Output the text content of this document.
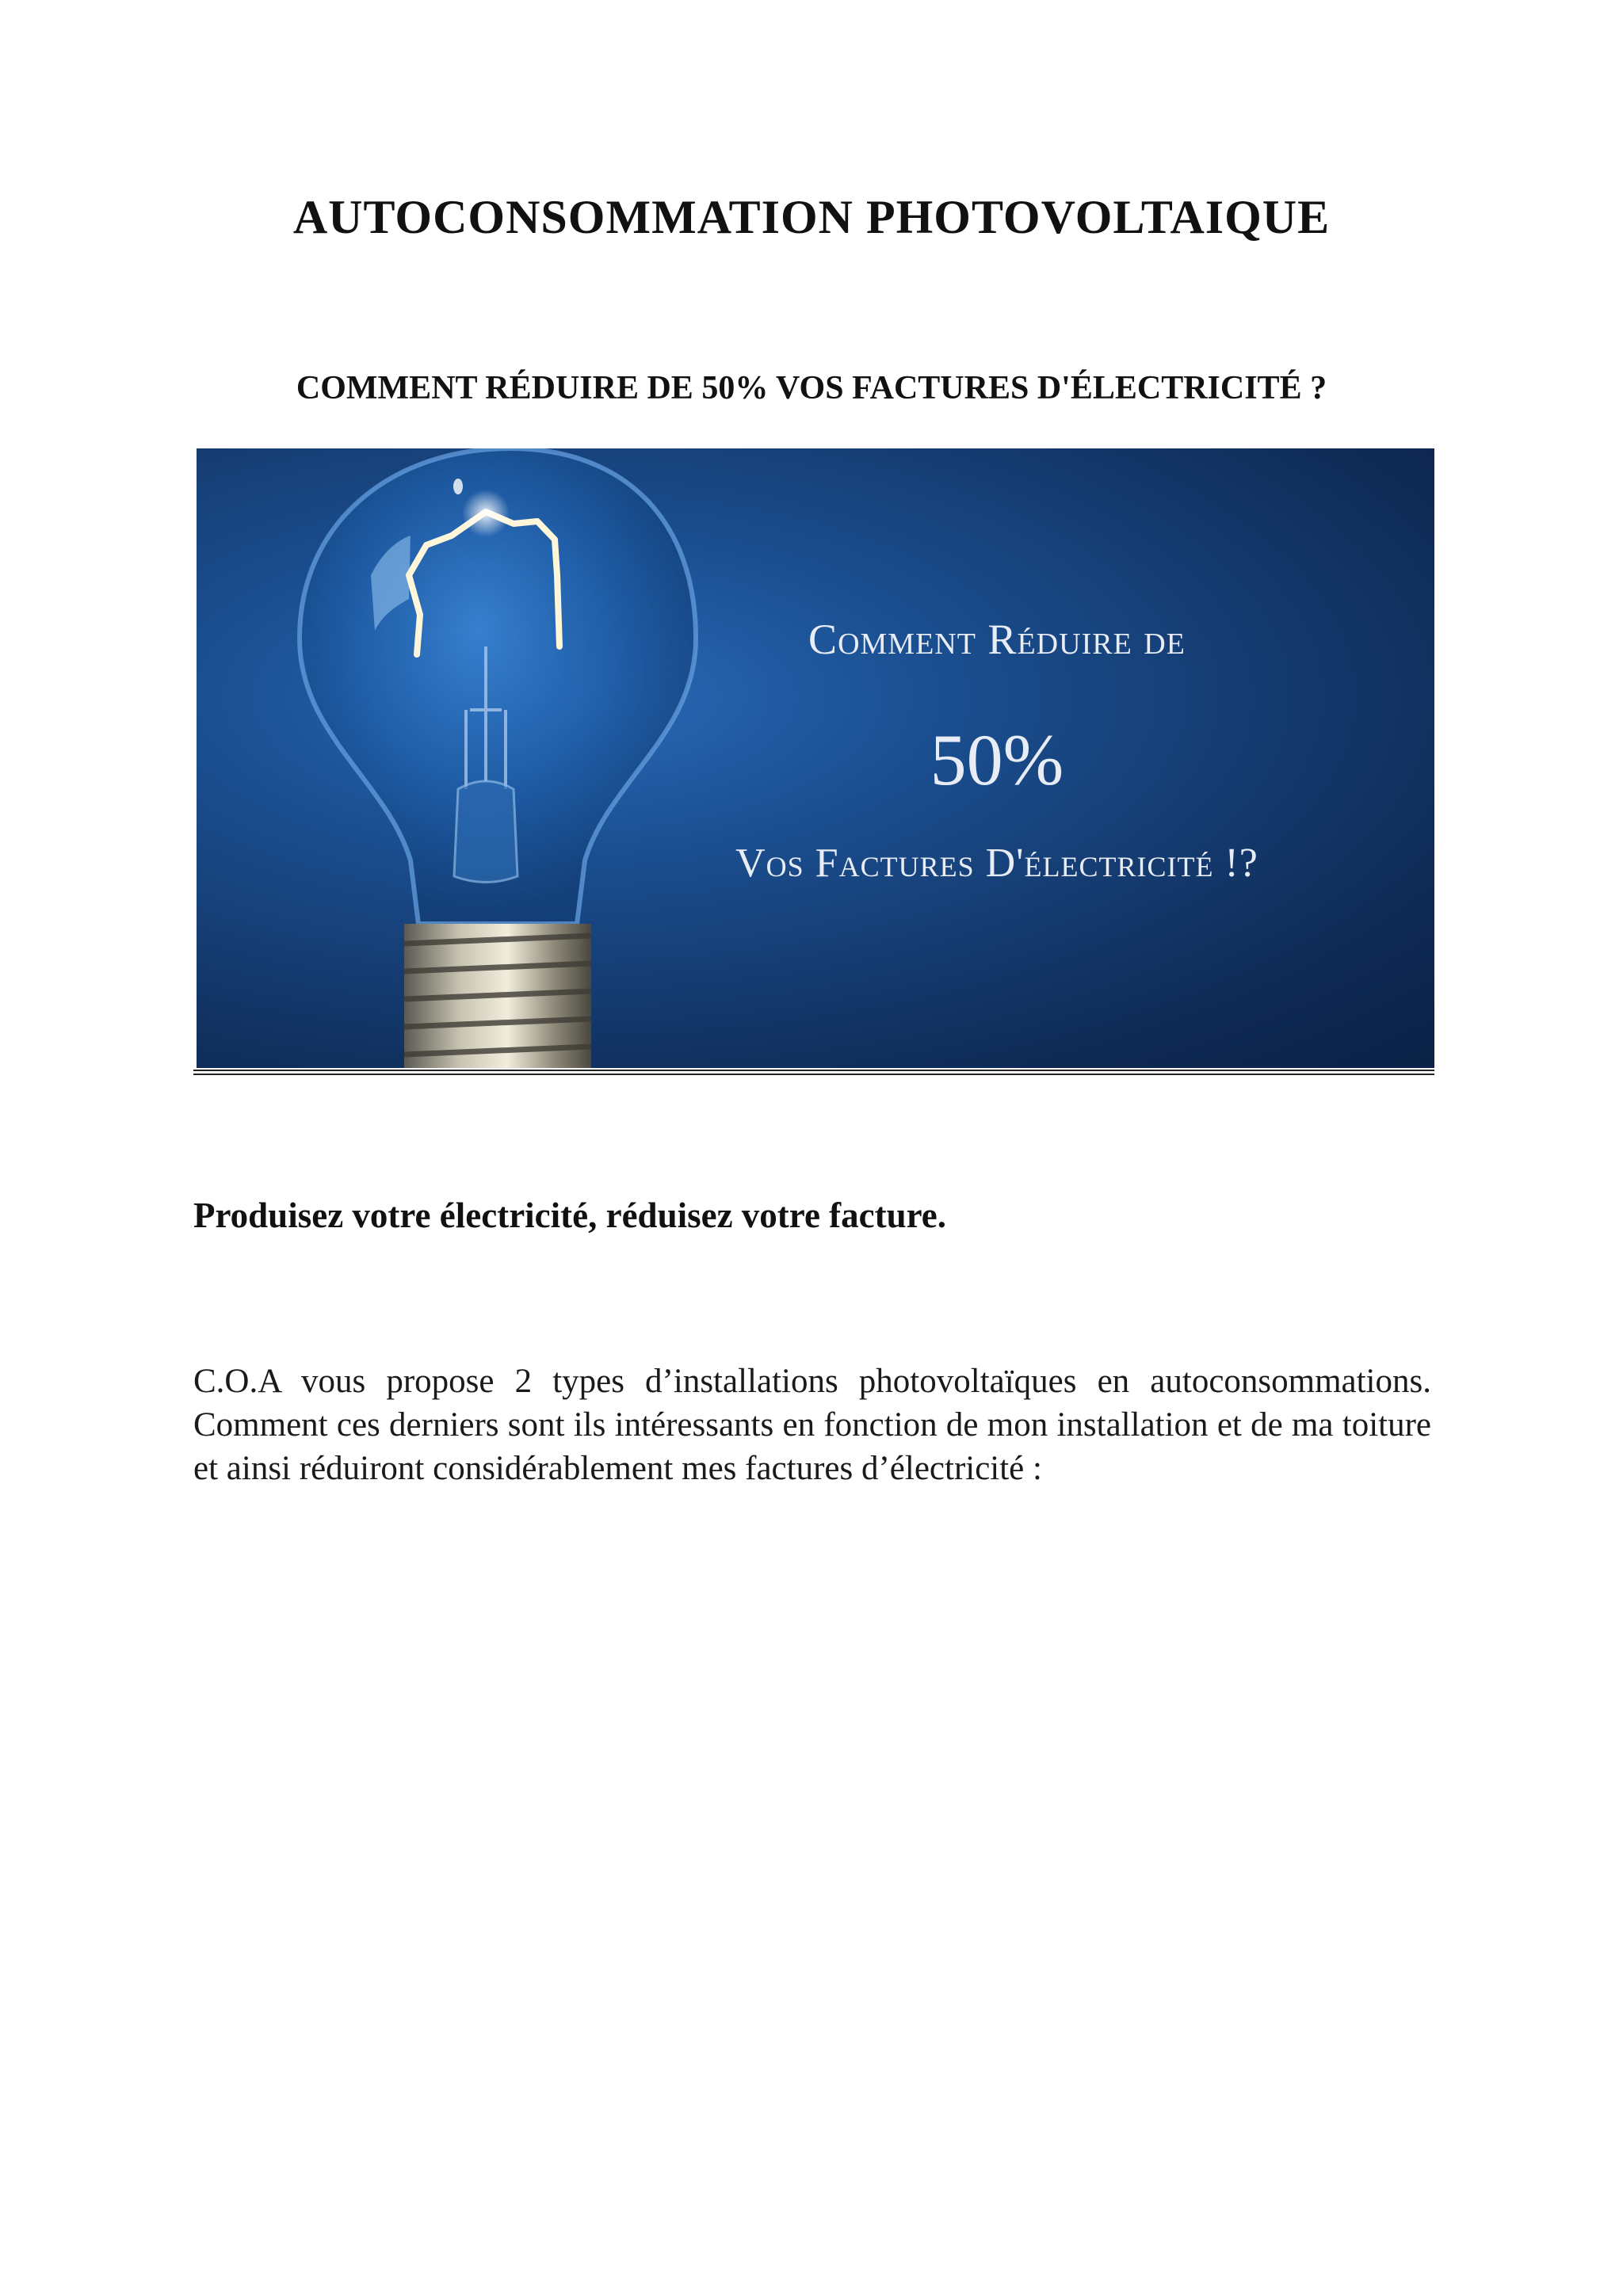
AUTOCONSOMMATION PHOTOVOLTAIQUE
COMMENT RÉDUIRE DE 50% VOS FACTURES D'ÉLECTRICITÉ ?
Comment Réduire de
50%
Vos Factures D'électricité !?

Produisez votre électricité, réduisez votre facture.

C.O.A vous propose 2 types d’installations photovoltaïques en autoconsommations. Comment ces derniers sont ils intéressants en fonction de mon installation et de ma toiture et ainsi réduiront considérablement mes factures d’électricité :
